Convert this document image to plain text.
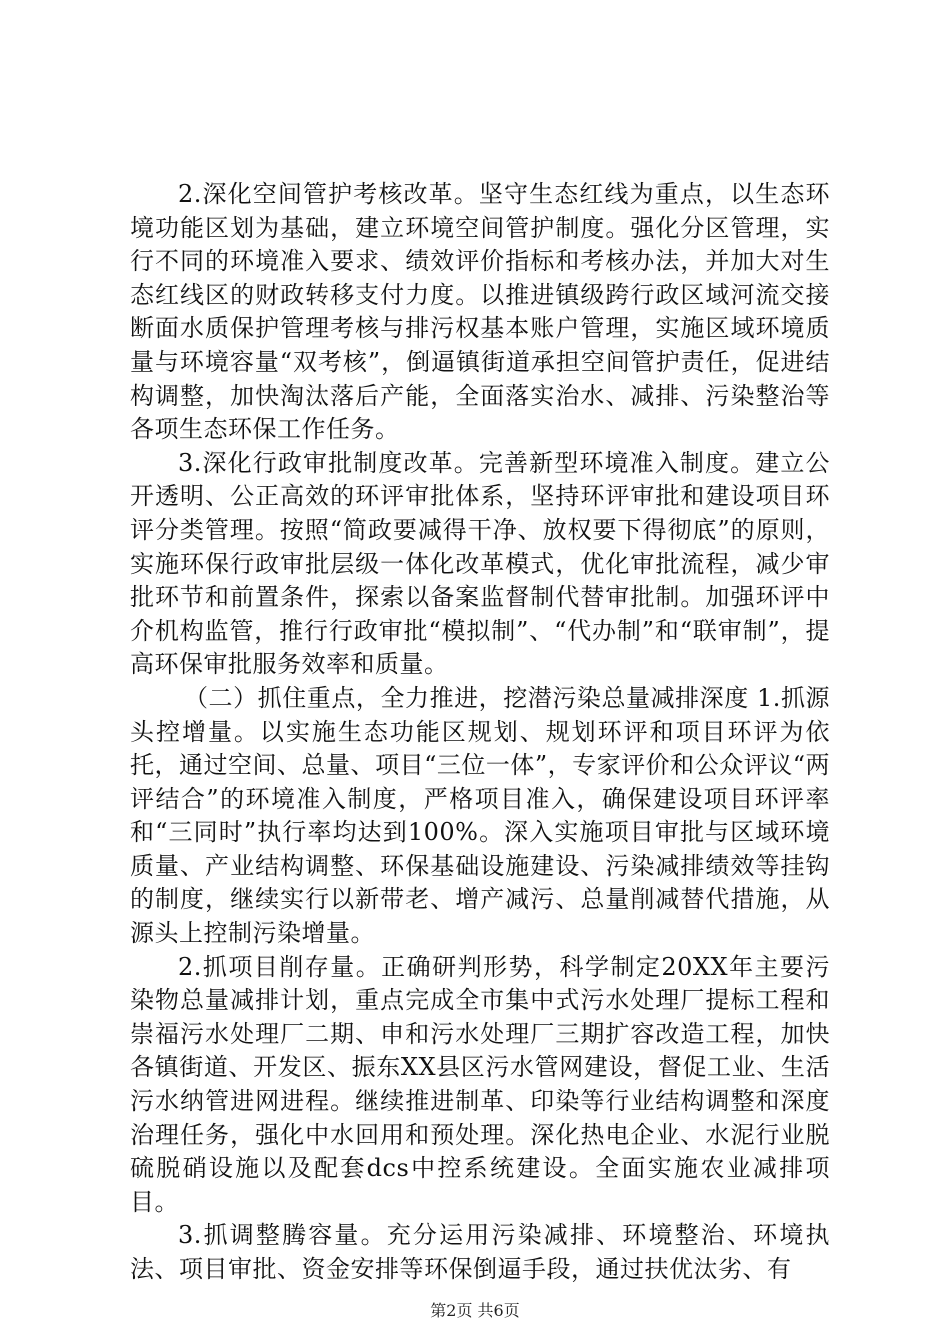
2.深化空间管护考核改革。坚守生态红线为重点，以生态环境功能区划为基础，建立环境空间管护制度。强化分区管理，实行不同的环境准入要求、绩效评价指标和考核办法，并加大对生态红线区的财政转移支付力度。以推进镇级跨行政区域河流交接断面水质保护管理考核与排污权基本账户管理，实施区域环境质量与环境容量“双考核”，倒逼镇街道承担空间管护责任，促进结构调整，加快淘汰落后产能，全面落实治水、减排、污染整治等各项生态环保工作任务。

3.深化行政审批制度改革。完善新型环境准入制度。建立公开透明、公正高效的环评审批体系，坚持环评审批和建设项目环评分类管理。按照“简政要减得干净、放权要下得彻底”的原则，实施环保行政审批层级一体化改革模式，优化审批流程，减少审批环节和前置条件，探索以备案监督制代替审批制。加强环评中介机构监管，推行行政审批“模拟制”、“代办制”和“联审制”，提高环保审批服务效率和质量。

（二）抓住重点，全力推进，挖潜污染总量减排深度 1.抓源头控增量。以实施生态功能区规划、规划环评和项目环评为依托，通过空间、总量、项目“三位一体”，专家评价和公众评议“两评结合”的环境准入制度，严格项目准入，确保建设项目环评率和“三同时”执行率均达到100%。深入实施项目审批与区域环境质量、产业结构调整、环保基础设施建设、污染减排绩效等挂钩的制度，继续实行以新带老、增产减污、总量削减替代措施，从源头上控制污染增量。

2.抓项目削存量。正确研判形势，科学制定20XX年主要污染物总量减排计划，重点完成全市集中式污水处理厂提标工程和崇福污水处理厂二期、申和污水处理厂三期扩容改造工程，加快各镇街道、开发区、振东XX县区污水管网建设，督促工业、生活污水纳管进网进程。继续推进制革、印染等行业结构调整和深度治理任务，强化中水回用和预处理。深化热电企业、水泥行业脱硫脱硝设施以及配套dcs中控系统建设。全面实施农业减排项目。

3.抓调整腾容量。充分运用污染减排、环境整治、环境执法、项目审批、资金安排等环保倒逼手段，通过扶优汰劣、有

第2页 共6页
